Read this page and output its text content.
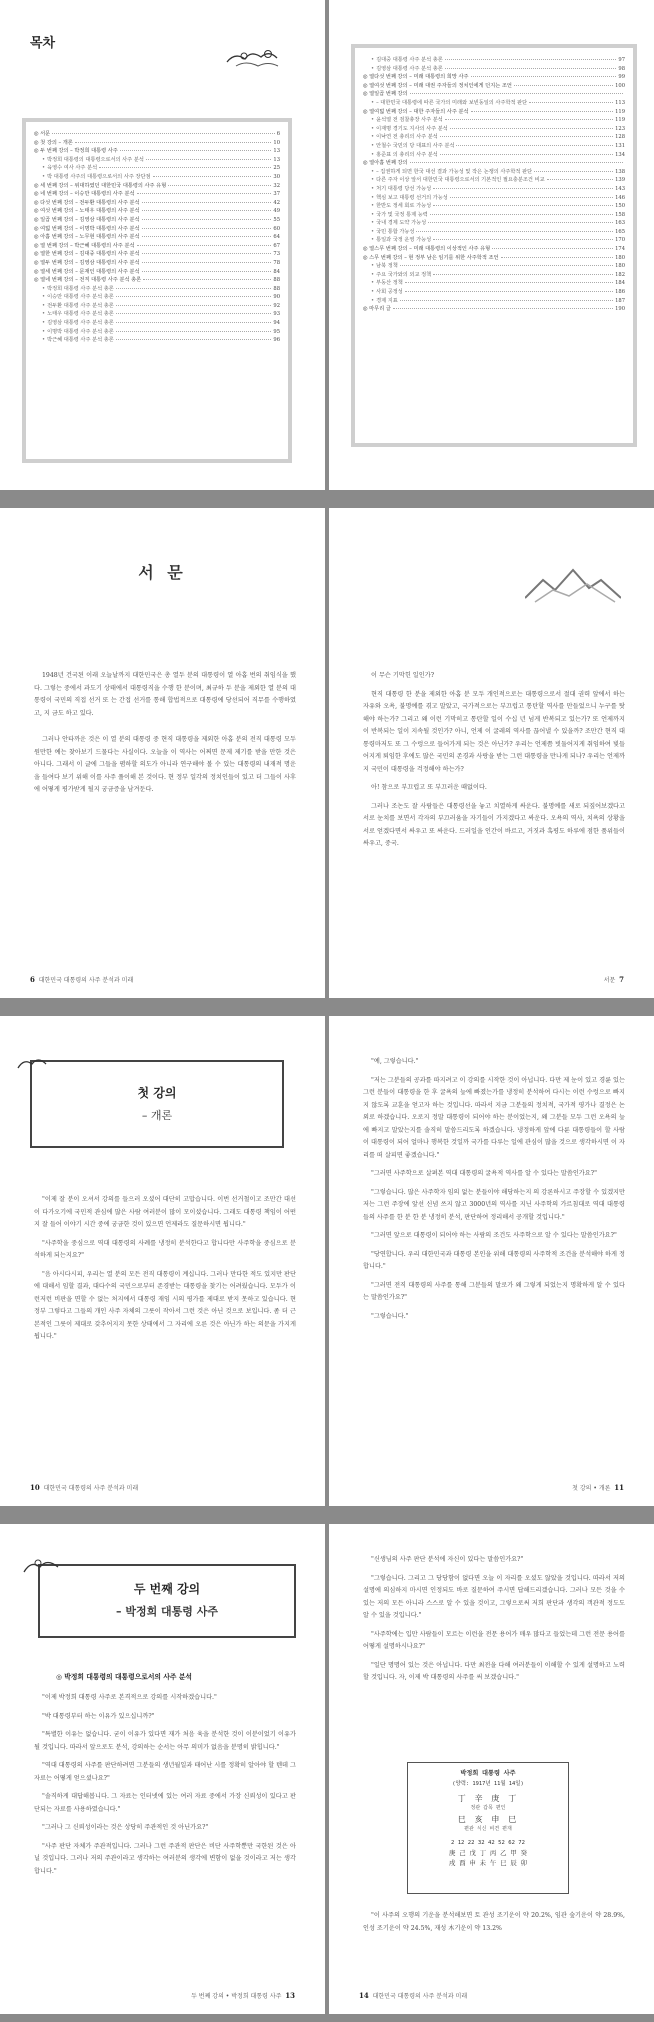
목차
◎ 서문	6
◎ 첫 강의 – 개론	10
◎ 두 번째 강의 – 박정희 대통령 사주	13
• 박정희 대통령의 대통령으로서의 사주 분석	13
• 육영수 여사 사주 분석	25
• 박 대통령 사주의 대통령으로서의 사주 장단점	30
◎ 세 번째 강의 – 위대하였던 대한민국 대통령의 사주 유형	32
◎ 네 번째 강의 – 이승만 대통령의 사주 분석	37
◎ 다섯 번째 강의 – 전두환 대통령의 사주 분석	42
◎ 여섯 번째 강의 – 노태우 대통령의 사주 분석	49
◎ 일곱 번째 강의 – 김영삼 대통령의 사주 분석	55
◎ 여덟 번째 강의 – 이명박 대통령의 사주 분석	60
◎ 아홉 번째 강의 – 노무현 대통령의 사주 분석	64
◎ 열 번째 강의 – 박근혜 대통령의 사주 분석	67
◎ 열한 번째 강의 – 김대중 대통령의 사주 분석	73
◎ 열두 번째 강의 – 김영삼 대통령의 사주 분석	78
◎ 열세 번째 강의 – 문재인 대통령의 사주 분석	84
◎ 열네 번째 강의 – 전직 대통령 사주 분석 총론	88
• 박정희 대통령 사주 분석 총론	88
• 이승만 대통령 사주 분석 총론	90
• 전두환 대통령 사주 분석 총론	92
• 노태우 대통령 사주 분석 총론	93
• 김영삼 대통령 사주 분석 총론	94
• 이명박 대통령 사주 분석 총론	95
• 박근혜 대통령 사주 분석 총론	96
• 김대중 대통령 사주 분석 총론	97
• 김영삼 대통령 사주 분석 총론	98
◎ 열다섯 번째 강의 – 미래 대통령의 희망 사주	99
◎ 열여섯 번째 강의 – 미래 대권 주자들의 정치인에게 던지는 조언	100
◎ 열일곱 번째 강의
• – 대한민국 대통령에 따른 국가의 미래와 보빈동일의 사주학적 판단	113
◎ 열여덟 번째 강의 – 대한 주자들의 사주 분석	119
• 윤석열 전 검찰총장 사주 분석	119
• 이재명 경기도 지사의 사주 분석	123
• 이낙연 전 총리의 사주 분석	128
• 안철수 국민의 당 대표의 사주 분석	131
• 홍준표 의 총리의 사주 분석	134
◎ 열아홉 번째 강의
• – 집권하게 되면 한국 대선 결과 가능성 및 작은 논쟁의 사주학적 판단	138
• 다른 주자 이상 앞서 대한민국 대통령으로서의 기본적인 필요충분조건 비교	139
• 처기 대통령 당선 가능성	143
• 핵심 보고 대통령 선거의 가능성	146
• 한반도 정세 회로 가능성	150
• 국가 및 국정 통제 능력	158
• 국내 경제 도약 가능성	163
• 국민 통합 가능성	165
• 통일과 국정 운영 가능성	170
◎ 열스무 번째 강의 – 미래 대통령의 이상적인 사주 유형	174
◎ 스무 번째 강의 – 현 정부 남은 임기를 위한 사주학적 조언	180
• 남북 정책	180
• 주요 국가와의 외교 정책	182
• 부동산 정책	184
• 사회 공정성	186
• 경제 지표	187
◎ 마무리 글	190
서 문

1948년 건국된 이래 오늘날까지 대한민국은 총 열두 분의 대통령이 열 아홉 번의 취임식을 했다. 그렇는 중에서 과도기 상태에서 대통령직을 수행 한 분이며, 최규하 두 분을 제외한 열 분의 대통령이 국민의 직접 선거 또 는 간접 선거를 통해 합법적으로 대통령에 당선되어 직무를 수행하였고, 지 금도 하고 있다.

그러나 안타까운 것은 이 열 분의 대통령 중 현직 대통령을 제외한 아홉 분의 전직 대통령 모두 원만한 예는 찾아보기 드물다는 사실이다. 오늘을 이 역사는 어쩌면 문제 제기를 받을 만한 것은 아니다. 그래서 이 글에 그들을 폄하할 의도가 아니라 연구해야 볼 수 있는 대통령의 내재적 명운을 들여다 보기 위해 이를 사주 풀이해 본 것이다. 현 정부 일각의 정치인들이 있고 더 그들이 사후에 어떻게 평가받게 될지 궁금증을 남겨둔다.

6 대한민국 대통령의 사주 분석과 미래

이 무슨 기막힌 일인가?

현직 대통령 한 분을 제외한 아홉 분 모두 개인적으로는 대통령으로서 절대 권력 앞에서 하는 자유와 오욕, 불명예를 겪고 말았고, 국가적으로는 부끄럽고 통탄할 역사를 만들었으니 누구를 탓해야 하는가? 그리고 왜 이런 기막히고 통탄할 일이 수십 년 넘게 반복되고 있는가? 또 언제까지 이 반복되는 일이 지속될 것인가? 아니, 언제 이 굴레의 역사를 끊어낼 수 있을까? 조만간 현직 대통령마저도 또 그 수렁으로 들어가게 되는 것은 아닌가? 우리는 언제쯤 빗둘어지게 취임하여 빛들어지게 퇴임한 후에도 많은 국민의 존경과 사랑을 받는 그런 대통령을 만나게 되나? 우리는 언제까지 국민이 대통령을 걱정해야 하는가?

아! 참으로 부끄럽고 또 부끄러운 때없이다.

그러나 조논도 잘 사람들은 대통령선을 놓고 치열하게 싸운다. 불명예를 새로 되짚어보겠다고 서로 눈치를 보면서 각자의 부끄러움을 자기들이 가지겠다고 싸운다. 오욕의 역사, 치욕의 상황을 서로 얻겠다면서 싸우고 또 싸운다. 드러일을 인간이 바르고, 거짓과 혹평도 하루에 점한 품위들이 싸우고, 중국.

서문 7
첫 강의
– 개론

"이제 잘 분이 오셔서 강의를 들으러 오셨어 대단히 고맙습니다. 이번 선거철이고 조만간 대선이 다가오기에 국민적 관심에 많은 사람 여러분이 많이 모이셨습니다. 그래도 대통령 책임이 어떤지 잘 들어 이야기 시간 중에 궁금한 것이 있으면 언제라도 질문하시면 됩니다."

"사주학을 중심으로 역대 대통령의 사례를 냉정히 분석한다고 합니다만 사주학을 중심으로 분석하게 되는지요?"

"음 아시다시피, 우리는 열 분의 모든 전직 대통령이 계십니다. 그러나 만다한 적도 있지만 판단에 대해서 임할 결과, 대다수의 국민으로부터 존경받는 대통령을 찾기는 어려웠습니다. 모두가 이런저런 비판을 면할 수 없는 처지에서 대통령 재임 시의 평가를 제대로 받지 못하고 있습니다. 현 정부 그렇다고 그들의 개인 사주 자체의 그릇이 작아서 그런 것은 아닌 것으로 보입니다. 좀 더 근본적인 그릇이 제대로 갖추어지지 못한 상태에서 그 자리에 오른 것은 아닌가 하는 의문을 가지게 됩니다."

10 대한민국 대통령의 사주 분석과 미래

"예, 그렇습니다."

"저는 그분들의 공과를 따지려고 이 강의를 시작한 것이 아닙니다. 다만 제 눈이 있고 경륜 있는 그런 분들이 대통령을 한 후 굴욕의 늪에 빠졌는가를 냉정히 분석하여 다시는 이런 수렁으로 빠지지 않도록 교훈을 얻고자 하는 것입니다. 따라서 지금 그분들의 정치적, 국가적 평가나 결정은 논외로 하겠습니다. 오로지 정말 대통령이 되어야 하는 분이었는지, 왜 그분들 모두 그런 오욕의 늪에 빠지고 말았는지를 솔직히 말씀드리도록 하겠습니다. 냉정하게 앞에 다룬 대통령들이 할 사람이 대통령이 되어 얼마나 행복한 것일까 국가를 다루는 일에 관심이 많을 것으로 생각하시면 이 자리를 떠 살피면 좋겠습니다."

"그러면 사주학으로 살펴본 역대 대통령의 굴욕적 역사를 알 수 있다는 말씀인가요?"

"그렇습니다. 많은 사주학자 임의 없는 분들이야 해당하는지 의 강론하시고 주장할 수 있겠지만 저는 그런 주장에 앞선 신념 쓰지 않고 3000년의 역사를 지닌 사주학의 가르침대로 역대 대통령들의 사주를 한 분 한 분 냉정히 분석, 판단하여 정리해서 공개할 것입니다."

"그러면 앞으로 대통령이 되어야 하는 사람의 조건도 사주학으로 알 수 있다는 말씀인가요?"

"당연합니다. 우리 대한민국과 대통령 본인을 위해 대통령의 사주학적 조건을 분석해야 하게 정합니다."

"그러면 전직 대통령의 사주를 통해 그분들의 말로가 왜 그렇게 되었는지 명확하게 알 수 있다는 말씀인가요?"

"그렇습니다."

첫 강의 • 개론 11
두 번째 강의
– 박정희 대통령 사주
◎ 박정희 대통령의 대통령으로서의 사주 분석

"이제 박정희 대통령 사주로 본격적으로 강의를 시작하겠습니다."

"박 대통령부터 하는 이유가 있으십니까?"

"특별한 이유는 없습니다. 굳이 이유가 있다면 재가 처음 육을 분석한 것이 이분이었기 이유가 될 것입니다. 따라서 앞으로도 분석, 강의하는 순서는 아무 의미가 없음을 분명히 밝힙니다."

"역대 대통령의 사주를 판단하려면 그분들의 생년월일과 태어난 시를 정확히 알아야 할 텐데 그 자료는 어떻게 얻으셨나요?"

"솔직하게 대답해봅니다. 그 자료는 인터넷에 있는 여러 자료 중에서 가장 신뢰성이 있다고 판단되는 자료를 사용하였습니다."

"그러나 그 신뢰성이라는 것은 상당히 주관적인 것 아닌가요?"

"사주 판단 자체가 주관적입니다. 그러나 그런 주관적 판단은 비단 사주학뿐만 국한된 것은 아닐 것입니다. 그러나 저의 주관이라고 생각하는 여러분의 생각에 변함이 없을 것이라고 저는 생각합니다."

두 번째 강의 • 박정희 대통령 사주 13

"신생님의 사주 판단 분석에 자신이 있다는 말씀인가요?"

"그렇습니다. 그리고 그 당당함이 없다면 오늘 이 자리를 오셨도 않았을 것입니다. 따라서 저의 설명에 의심하지 마시면 인정되도 바로 질문하여 주시면 답해드리겠습니다. 그러나 모든 것을 수 있는 저의 모든 아니라 스스로 알 수 있을 것이고, 그렇으로써 저희 판단과 생각의 객관적 정도도 알 수 있을 것입니다."

"사주학에는 입만 사람들이 모르는 이런을 전문 용어가 매우 많다고 들었는데 그런 전문 용어를 어떻게 설명하시나요?"

"일단 명명어 있는 것은 아닙니다. 다만 최전을 다해 여러분들이 이해할 수 있게 설명하고 노력할 것입니다. 자, 이제 박 대통령의 사주를 써 보겠습니다."

박정희 대통령 사주
(양력: 1917년 11월 14일)
丁 辛 庚 丁
정관 갑목 편인
巳 亥 申 巳
편관 식신 비견 편재
2 12 22 32 42 52 62 72
庚 己 戊 丁 丙 乙 甲 癸
戌 酉 申 未 午 巳 辰 卯

"이 사주의 오행의 기운을 분석해보면 토 관성 조기운이 약 20.2%, 임관 숲기운이 약 28.9%, 인성 조기운이 약 24.5%, 재성 木기운이 약 13.2%

14 대한민국 대통령의 사주 분석과 미래
